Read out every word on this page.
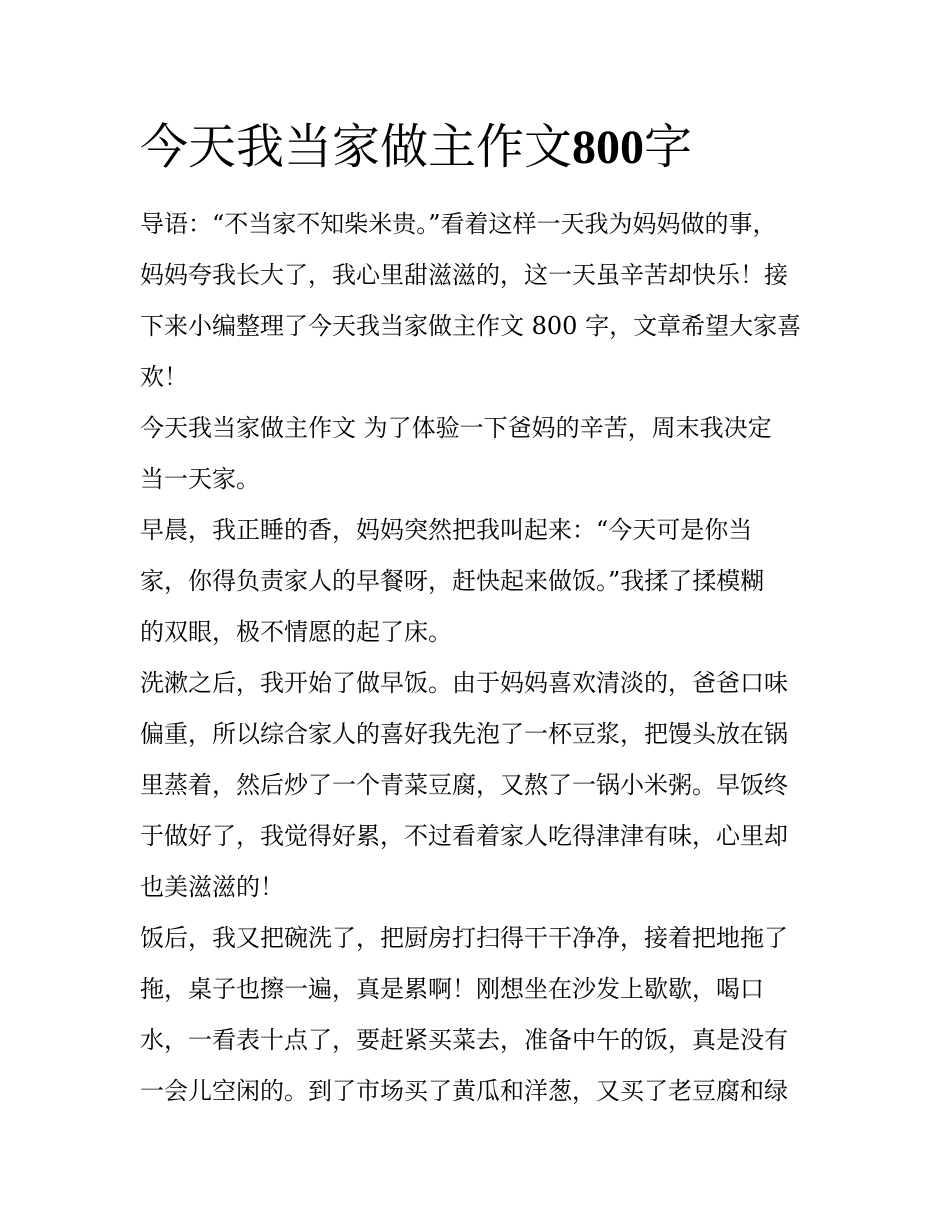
今天我当家做主作文800字
导语：“不当家不知柴米贵。”看着这样一天我为妈妈做的事，
妈妈夸我长大了，我心里甜滋滋的，这一天虽辛苦却快乐！接
下来小编整理了今天我当家做主作文 800 字，文章希望大家喜
欢！
今天我当家做主作文 为了体验一下爸妈的辛苦，周末我决定
当一天家。
早晨，我正睡的香，妈妈突然把我叫起来：“今天可是你当
家，你得负责家人的早餐呀，赶快起来做饭。”我揉了揉模糊
的双眼，极不情愿的起了床。
洗漱之后，我开始了做早饭。由于妈妈喜欢清淡的，爸爸口味
偏重，所以综合家人的喜好我先泡了一杯豆浆，把馒头放在锅
里蒸着，然后炒了一个青菜豆腐，又熬了一锅小米粥。早饭终
于做好了，我觉得好累，不过看着家人吃得津津有味，心里却
也美滋滋的！
饭后，我又把碗洗了，把厨房打扫得干干净净，接着把地拖了
拖，桌子也擦一遍，真是累啊！刚想坐在沙发上歇歇，喝口
水，一看表十点了，要赶紧买菜去，准备中午的饭，真是没有
一会儿空闲的。到了市场买了黄瓜和洋葱，又买了老豆腐和绿
